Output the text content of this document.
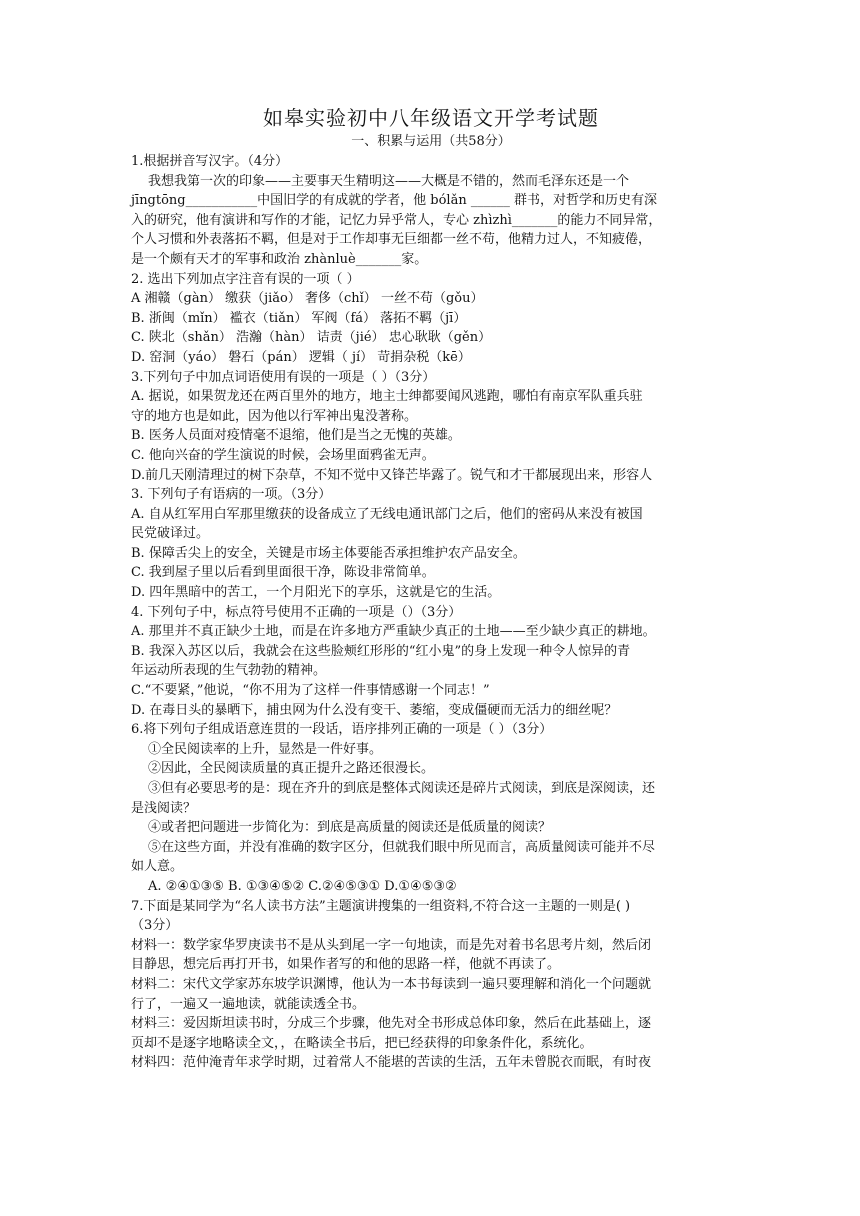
如皋实验初中八年级语文开学考试题
一、积累与运用（共58分）
1.根据拼音写汉字。（4分）
我想我第一次的印象——主要事天生精明这——大概是不错的，然而毛泽东还是一个
jīngtōng___________中国旧学的有成就的学者，他 bólǎn ______ 群书，对哲学和历史有深
入的研究，他有演讲和写作的才能，记忆力异乎常人，专心 zhìzhì_______的能力不同异常，
个人习惯和外表落拓不羁，但是对于工作却事无巨细都一丝不苟，他精力过人，不知疲倦，
是一个颇有天才的军事和政治 zhànluè_______家。
2. 选出下列加点字注音有误的一项（ ）
A 湘赣（gàn） 缴获（jiǎo） 奢侈（chǐ） 一丝不苟（gǒu）
B. 浙闽（mǐn） 褴衣（tiǎn） 军阀（fá） 落拓不羁（jī）
C. 陕北（shǎn） 浩瀚（hàn） 诘责（jié） 忠心耿耿（gěn）
D. 窑洞（yáo） 磐石（pán） 逻辑（ jí） 苛捐杂税（kē）
3.下列句子中加点词语使用有误的一项是（ ）（3分）
A. 据说，如果贺龙还在两百里外的地方，地主士绅都要闻风逃跑，哪怕有南京军队重兵驻
守的地方也是如此，因为他以行军神出鬼没著称。
B. 医务人员面对疫情毫不退缩，他们是当之无愧的英雄。
C. 他向兴奋的学生演说的时候，会场里面鸦雀无声。
D.前几天刚清理过的树下杂草，不知不觉中又锋芒毕露了。锐气和才干都展现出来，形容人
3. 下列句子有语病的一项。（3分）
A. 自从红军用白军那里缴获的设备成立了无线电通讯部门之后，他们的密码从来没有被国
民党破译过。
B. 保障舌尖上的安全，关键是市场主体要能否承担维护农产品安全。
C. 我到屋子里以后看到里面很干净，陈设非常简单。
D. 四年黑暗中的苦工，一个月阳光下的享乐，这就是它的生活。
4. 下列句子中，标点符号使用不正确的一项是（）（3分）
A. 那里并不真正缺少土地，而是在许多地方严重缺少真正的土地——至少缺少真正的耕地。
B. 我深入苏区以后，我就会在这些脸颊红形彤的“红小鬼”的身上发现一种令人惊异的青
年运动所表现的生气勃勃的精神。
C.“不要紧，”他说，“你不用为了这样一件事情感谢一个同志！”
D. 在毒日头的暴晒下，捕虫网为什么没有变干、萎缩，变成僵硬而无活力的细丝呢？
6.将下列句子组成语意连贯的一段话，语序排列正确的一项是（ ）（3分）
①全民阅读率的上升，显然是一件好事。
②因此，全民阅读质量的真正提升之路还很漫长。
③但有必要思考的是：现在齐升的到底是整体式阅读还是碎片式阅读，到底是深阅读，还
是浅阅读？
④或者把问题进一步简化为：到底是高质量的阅读还是低质量的阅读？
⑤在这些方面，并没有准确的数字区分，但就我们眼中所见而言，高质量阅读可能并不尽
如人意。
A. ②④①③⑤ B. ①③④⑤② C.②④⑤③① D.①④⑤③②
7.下面是某同学为“名人读书方法”主题演讲搜集的一组资料,不符合这一主题的一则是( )
（3分）
材料一：数学家华罗庚读书不是从头到尾一字一句地读，而是先对着书名思考片刻，然后闭
目静思，想完后再打开书，如果作者写的和他的思路一样，他就不再读了。
材料二：宋代文学家苏东坡学识渊博，他认为一本书每读到一遍只要理解和消化一个问题就
行了，一遍又一遍地读，就能读透全书。
材料三：爱因斯坦读书时，分成三个步骤，他先对全书形成总体印象，然后在此基础上，逐
页却不是逐字地略读全文，，在略读全书后，把已经获得的印象条件化，系统化。
材料四：范仲淹青年求学时期，过着常人不能堪的苦读的生活，五年未曾脱衣而眠，有时夜
